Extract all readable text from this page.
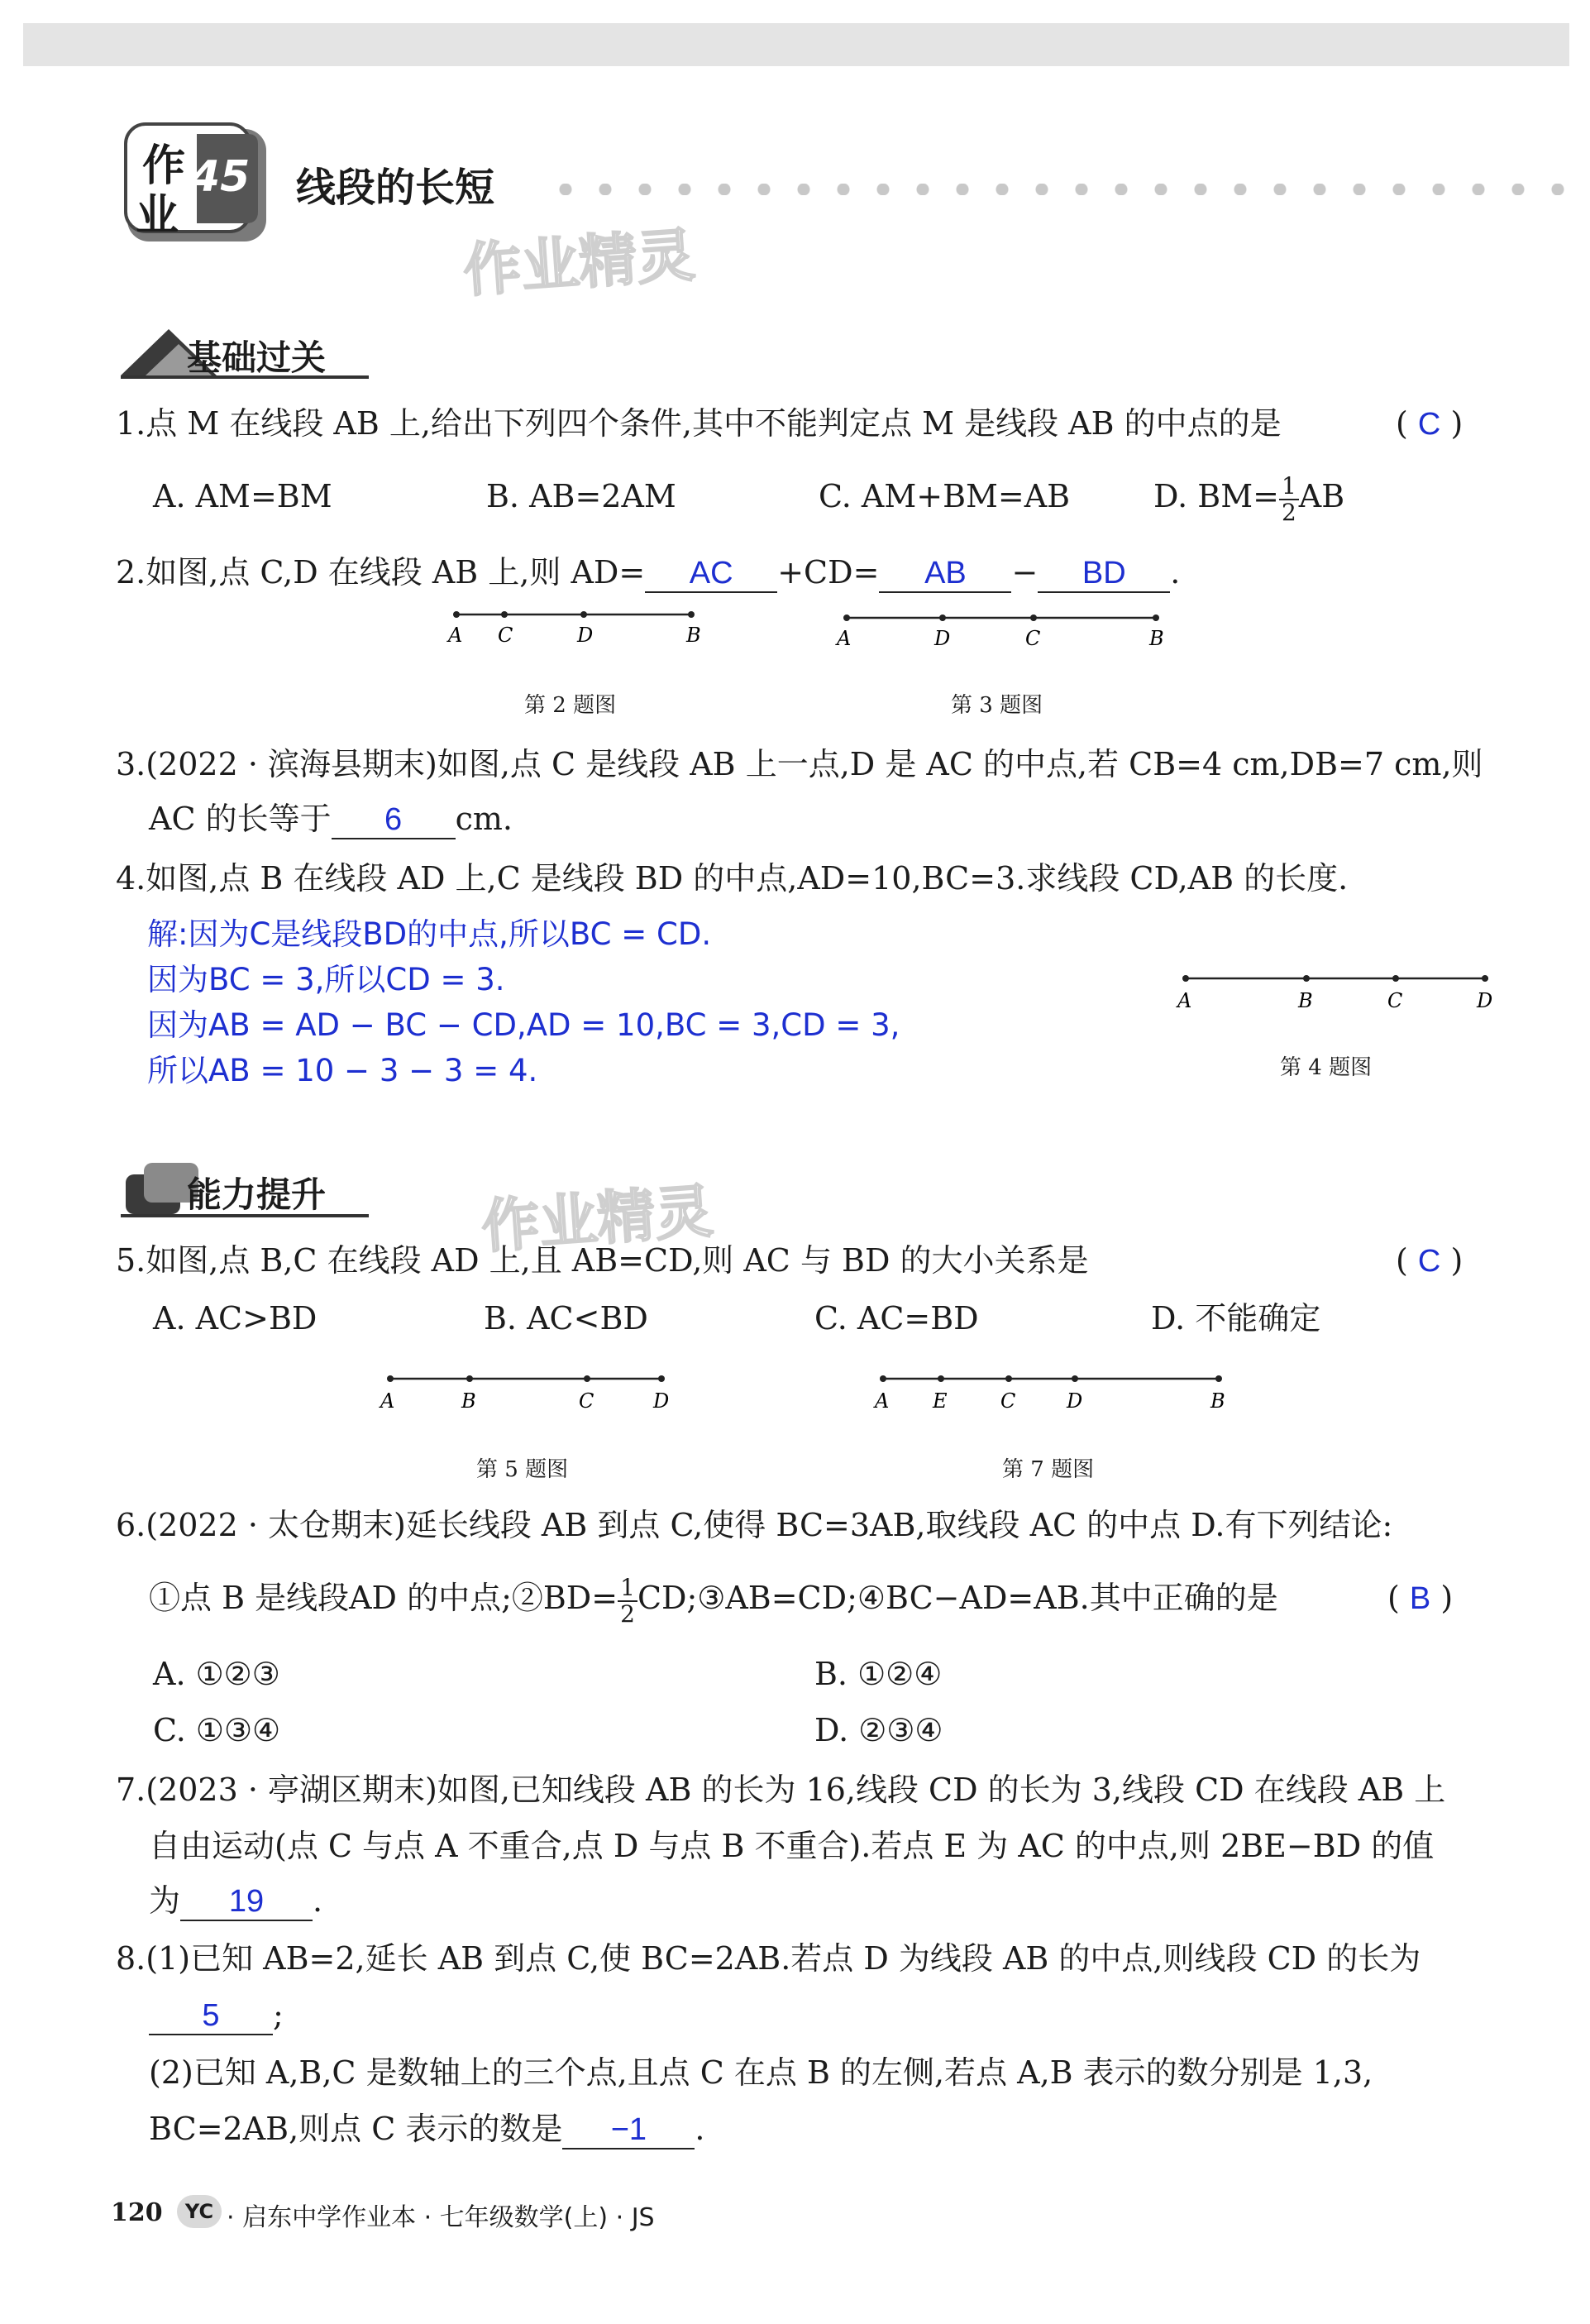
作
业
45 线段的长短
作业精灵
基础过关
1.点 M 在线段 AB 上,给出下列四个条件,其中不能判定点 M 是线段 AB 的中点的是	( C )
A. AM=BM	B. AB=2AM	C. AM+BM=AB	D. $BM= \frac{1}{2}$ AB
2.如图,点 C,D 在线段 AB 上,则 AD= AC +CD= AB − BD .
A C	D	B
第 2 题图
A	D	C	B
第 3 题图
3.(2022 · 滨海县期末)如图,点 C 是线段 AB 上一点,D 是 AC 的中点,若 CB=4 cm,DB=7 cm,则
AC 的长等于 6 cm.
4.如图,点 B 在线段 AD 上,C 是线段 BD 的中点,AD=10,BC=3.求线段 CD,AB 的长度.
解:因为C是线段BD的中点,所以BC = CD.
因为BC = 3,所以CD = 3.
因为AB = AD − BC − CD,AD = 10,BC = 3,CD = 3,
所以AB = 10 − 3 − 3 = 4.
A	B	C	D
第 4 题图
能力提升	作业精灵
5.如图,点 B,C 在线段 AD 上,且 AB=CD,则 AC 与 BD 的大小关系是	( C )
A. AC>BD	B. AC<BD	C. AC=BD	D. 不能确定
A	B	C	D
第 5 题图
A E	C	D	B
第 7 题图
6.(2022 · 太仓期末)延长线段 AB 到点 C,使得 BC=3AB,取线段 AC 的中点 D.有下列结论:
①点 B 是线段AD 的中点;②BD= $\frac{1}{2}$ CD;③AB=CD;④BC−AD=AB.其中正确的是	( B )
A. ①②③	B. ①②④
C. ①③④	D. ②③④
7.(2023 · 亭湖区期末)如图,已知线段 AB 的长为 16,线段 CD 的长为 3,线段 CD 在线段 AB 上
自由运动(点 C 与点 A 不重合,点 D 与点 B 不重合).若点 E 为 AC 的中点,则 2BE−BD 的值
为 19 .
8.(1)已知 AB=2,延长 AB 到点 C,使 BC=2AB.若点 D 为线段 AB 的中点,则线段 CD 的长为
5 ;
(2)已知 A,B,C 是数轴上的三个点,且点 C 在点 B 的左侧,若点 A,B 表示的数分别是 1,3,
BC=2AB,则点 C 表示的数是 −1 .
120	YC · 启东中学作业本 · 七年级数学(上) · JS
